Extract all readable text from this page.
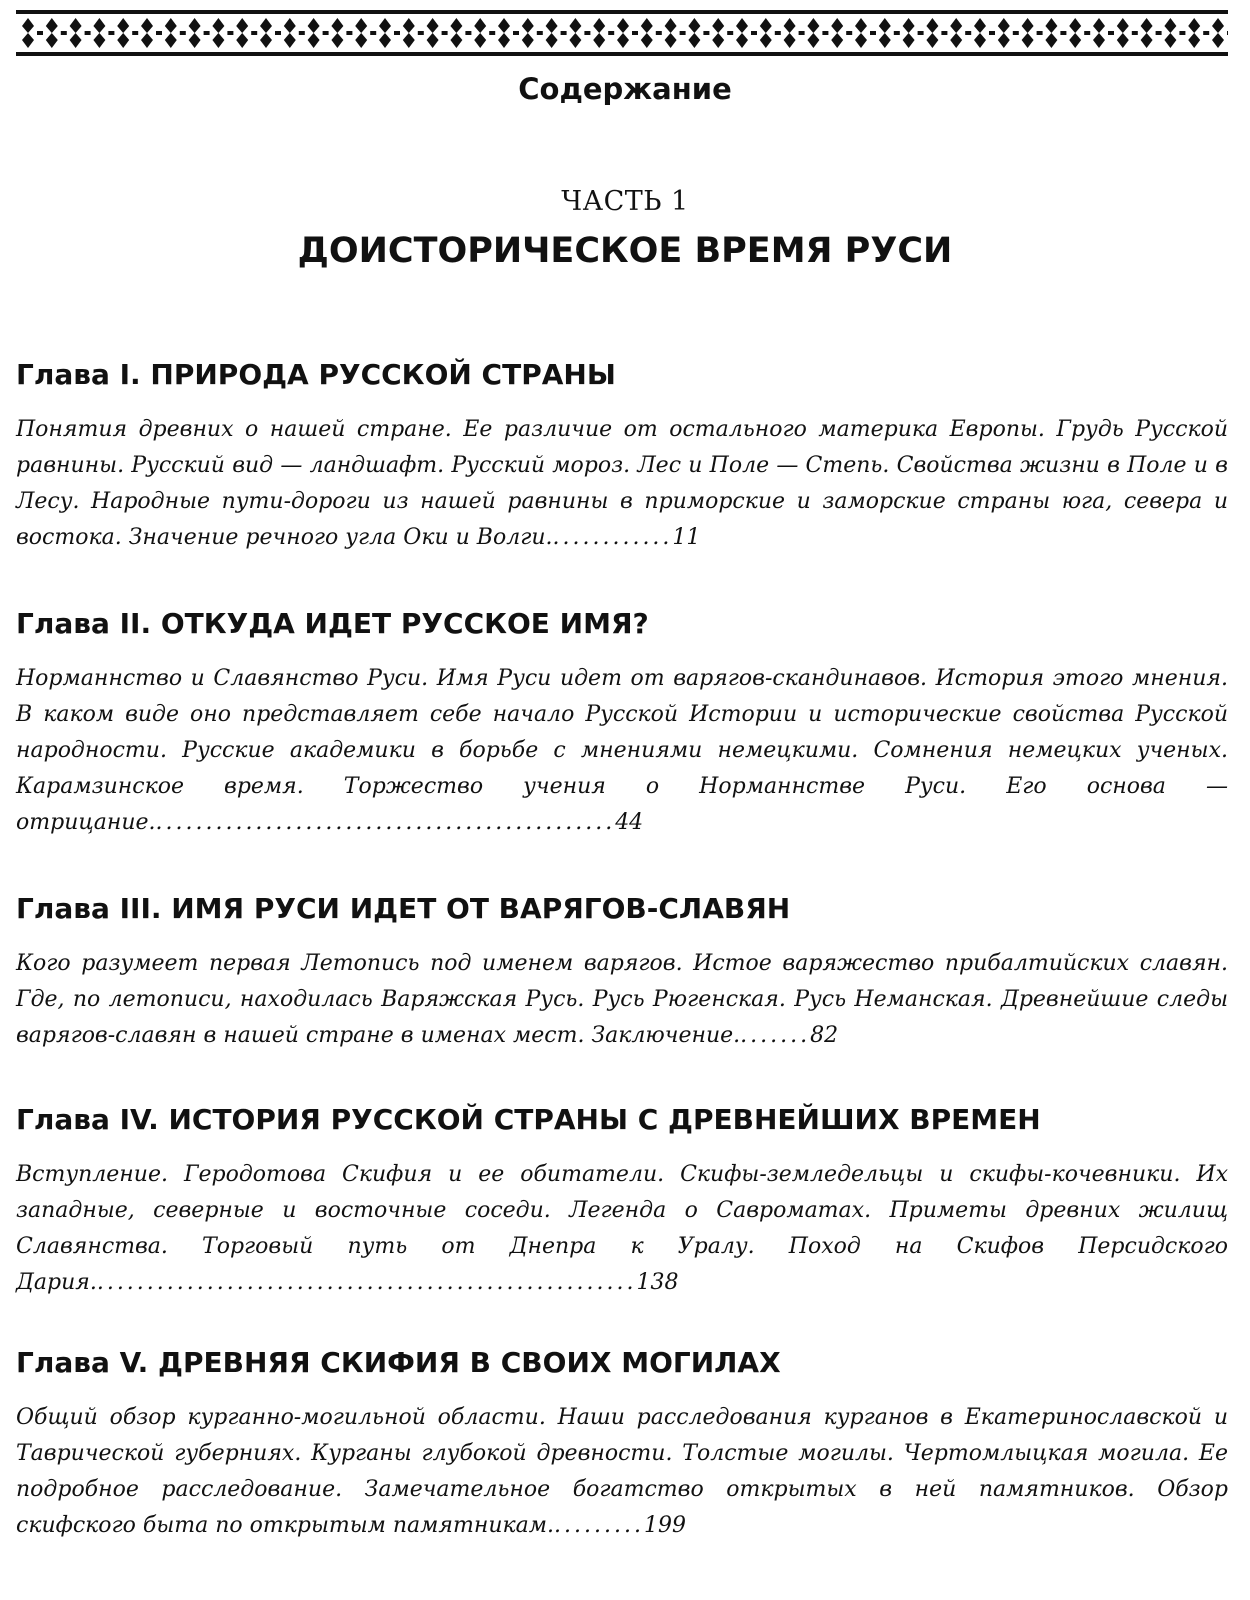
Содержание
ЧАСТЬ 1
ДОИСТОРИЧЕСКОЕ ВРЕМЯ РУСИ
Глава I. ПРИРОДА РУССКОЙ СТРАНЫ

Понятия древних о нашей стране. Ее различие от остального материка Европы. Грудь Русской равнины. Русский вид — ландшафт. Русский мороз. Лес и Поле — Степь. Свойства жизни в Поле и в Лесу. Народные пути-дороги из нашей равнины в приморские и заморские страны юга, севера и востока. Значение речного угла Оки и Волги.............11

Глава II. ОТКУДА ИДЕТ РУССКОЕ ИМЯ?

Норманнство и Славянство Руси. Имя Руси идет от варягов-скандинавов. История этого мнения. В каком виде оно представляет себе начало Русской Истории и исторические свойства Русской народности. Русские академики в борьбе с мнениями немецкими. Сомнения немецких ученых. Карамзинское время. Торжество учения о Норманнстве Руси. Его основа — отрицание...............................................44

Глава III. ИМЯ РУСИ ИДЕТ ОТ ВАРЯГОВ-СЛАВЯН

Кого разумеет первая Летопись под именем варягов. Истое варяжество прибалтийских славян. Где, по летописи, находилась Варяжская Русь. Русь Рюгенская. Русь Неманская. Древнейшие следы варягов-славян в нашей стране в именах мест. Заключение........82

Глава IV. ИСТОРИЯ РУССКОЙ СТРАНЫ С ДРЕВНЕЙШИХ ВРЕМЕН

Вступление. Геродотова Скифия и ее обитатели. Скифы-земледельцы и скифы-кочевники. Их западные, северные и восточные соседи. Легенда о Савроматах. Приметы древних жилищ Славянства. Торговый путь от Днепра к Уралу. Поход на Скифов Персидского Дария.......................................................138

Глава V. ДРЕВНЯЯ СКИФИЯ В СВОИХ МОГИЛАХ

Общий обзор курганно-могильной области. Наши расследования курганов в Екатеринославской и Таврической губерниях. Курганы глубокой древности. Толстые могилы. Чертомлыцкая могила. Ее подробное расследование. Замечательное богатство открытых в ней памятников. Обзор скифского быта по открытым памятникам..........199
